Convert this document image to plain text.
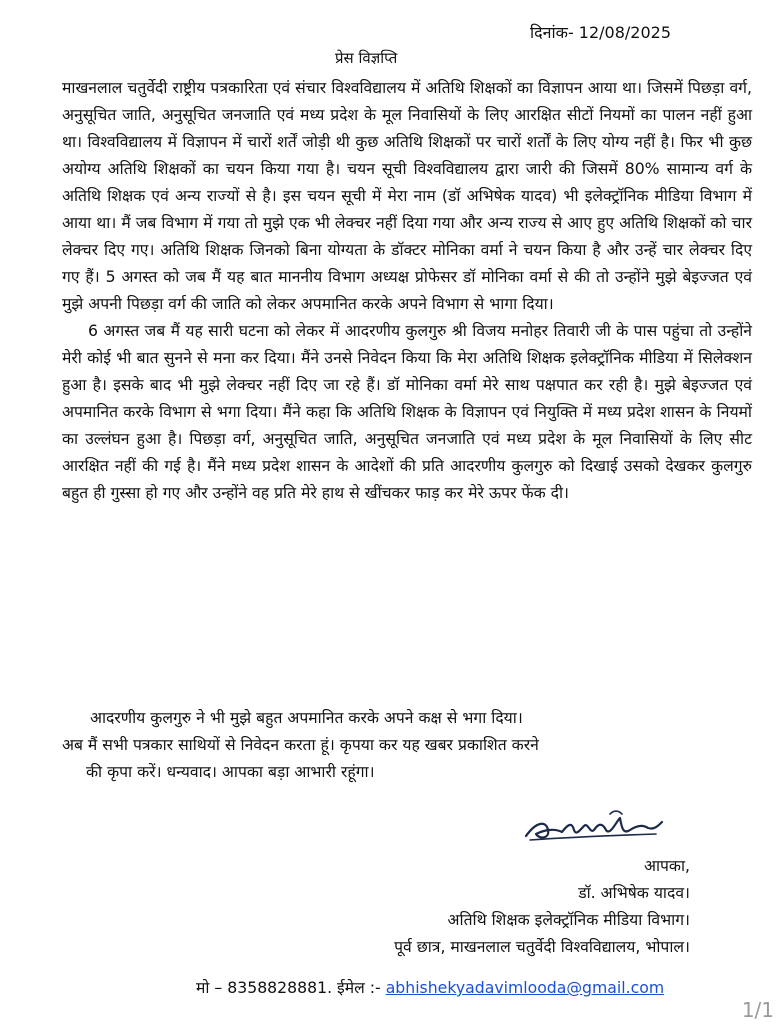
दिनांक- 12/08/2025
प्रेस विज्ञप्ति

माखनलाल चतुर्वेदी राष्ट्रीय पत्रकारिता एवं संचार विश्वविद्यालय में अतिथि शिक्षकों का विज्ञापन आया था। जिसमें पिछड़ा वर्ग, अनुसूचित जाति, अनुसूचित जनजाति एवं मध्य प्रदेश के मूल निवासियों के लिए आरक्षित सीटों नियमों का पालन नहीं हुआ था। विश्वविद्यालय में विज्ञापन में चारों शर्तें जोड़ी थी कुछ अतिथि शिक्षकों पर चारों शर्तों के लिए योग्य नहीं है। फिर भी कुछ अयोग्य अतिथि शिक्षकों का चयन किया गया है। चयन सूची विश्वविद्यालय द्वारा जारी की जिसमें 80% सामान्य वर्ग के अतिथि शिक्षक एवं अन्य राज्यों से है। इस चयन सूची में मेरा नाम (डॉ अभिषेक यादव) भी इलेक्ट्रॉनिक मीडिया विभाग में आया था। मैं जब विभाग में गया तो मुझे एक भी लेक्चर नहीं दिया गया और अन्य राज्य से आए हुए अतिथि शिक्षकों को चार लेक्चर दिए गए। अतिथि शिक्षक जिनको बिना योग्यता के डॉक्टर मोनिका वर्मा ने चयन किया है और उन्हें चार लेक्चर दिए गए हैं। 5 अगस्त को जब मैं यह बात माननीय विभाग अध्यक्ष प्रोफेसर डॉ मोनिका वर्मा से की तो उन्होंने मुझे बेइज्जत एवं मुझे अपनी पिछड़ा वर्ग की जाति को लेकर अपमानित करके अपने विभाग से भागा दिया।

6 अगस्त जब मैं यह सारी घटना को लेकर में आदरणीय कुलगुरु श्री विजय मनोहर तिवारी जी के पास पहुंचा तो उन्होंने मेरी कोई भी बात सुनने से मना कर दिया। मैंने उनसे निवेदन किया कि मेरा अतिथि शिक्षक इलेक्ट्रॉनिक मीडिया में सिलेक्शन हुआ है। इसके बाद भी मुझे लेक्चर नहीं दिए जा रहे हैं। डॉ मोनिका वर्मा मेरे साथ पक्षपात कर रही है। मुझे बेइज्जत एवं अपमानित करके विभाग से भगा दिया। मैंने कहा कि अतिथि शिक्षक के विज्ञापन एवं नियुक्ति में मध्य प्रदेश शासन के नियमों का उल्लंघन हुआ है। पिछड़ा वर्ग, अनुसूचित जाति, अनुसूचित जनजाति एवं मध्य प्रदेश के मूल निवासियों के लिए सीट आरक्षित नहीं की गई है। मैंने मध्य प्रदेश शासन के आदेशों की प्रति आदरणीय कुलगुरु को दिखाई उसको देखकर कुलगुरु बहुत ही गुस्सा हो गए और उन्होंने वह प्रति मेरे हाथ से खींचकर फाड़ कर मेरे ऊपर फेंक दी।

आदरणीय कुलगुरु ने भी मुझे बहुत अपमानित करके अपने कक्ष से भगा दिया।

अब मैं सभी पत्रकार साथियों से निवेदन करता हूं। कृपया कर यह खबर प्रकाशित करने

की कृपा करें। धन्यवाद। आपका बड़ा आभारी रहूंगा।

आपका,

डॉ. अभिषेक यादव।

अतिथि शिक्षक इलेक्ट्रॉनिक मीडिया विभाग।

पूर्व छात्र, माखनलाल चतुर्वेदी विश्वविद्यालय, भोपाल।

मो – 8358828881. ईमेल :- abhishekyadavimlooda@gmail.com
1/1
